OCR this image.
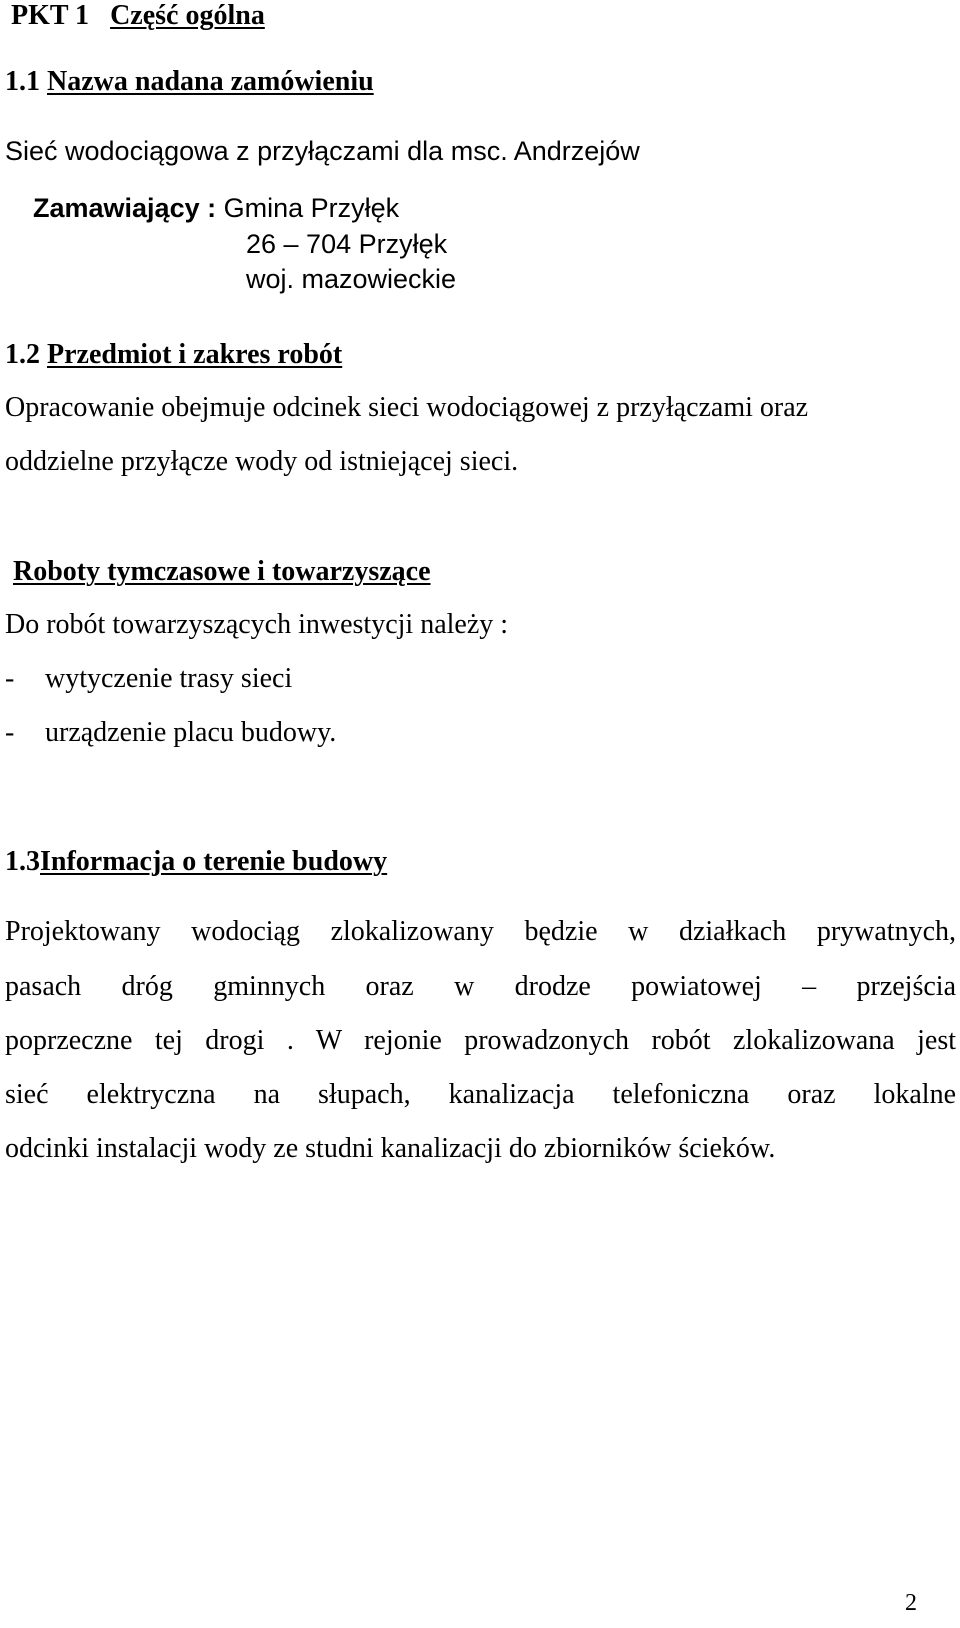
PKT 1 Część ogólna
1.1 Nazwa nadana zamówieniu
Sieć wodociągowa z przyłączami dla msc. Andrzejów
Zamawiający : Gmina Przyłęk
26 – 704 Przyłęk
woj. mazowieckie
1.2 Przedmiot i zakres robót
Opracowanie obejmuje odcinek sieci wodociągowej z przyłączami oraz
oddzielne przyłącze wody od istniejącej sieci.
Roboty tymczasowe i towarzyszące
Do robót towarzyszących inwestycji należy :
- wytyczenie trasy sieci
- urządzenie placu budowy.
1.3Informacja o terenie budowy
Projektowany wodociąg zlokalizowany będzie w działkach prywatnych,
pasach dróg gminnych oraz w drodze powiatowej – przejścia
poprzeczne tej drogi . W rejonie prowadzonych robót zlokalizowana jest
sieć elektryczna na słupach, kanalizacja telefoniczna oraz lokalne
odcinki instalacji wody ze studni kanalizacji do zbiorników ścieków.
2
